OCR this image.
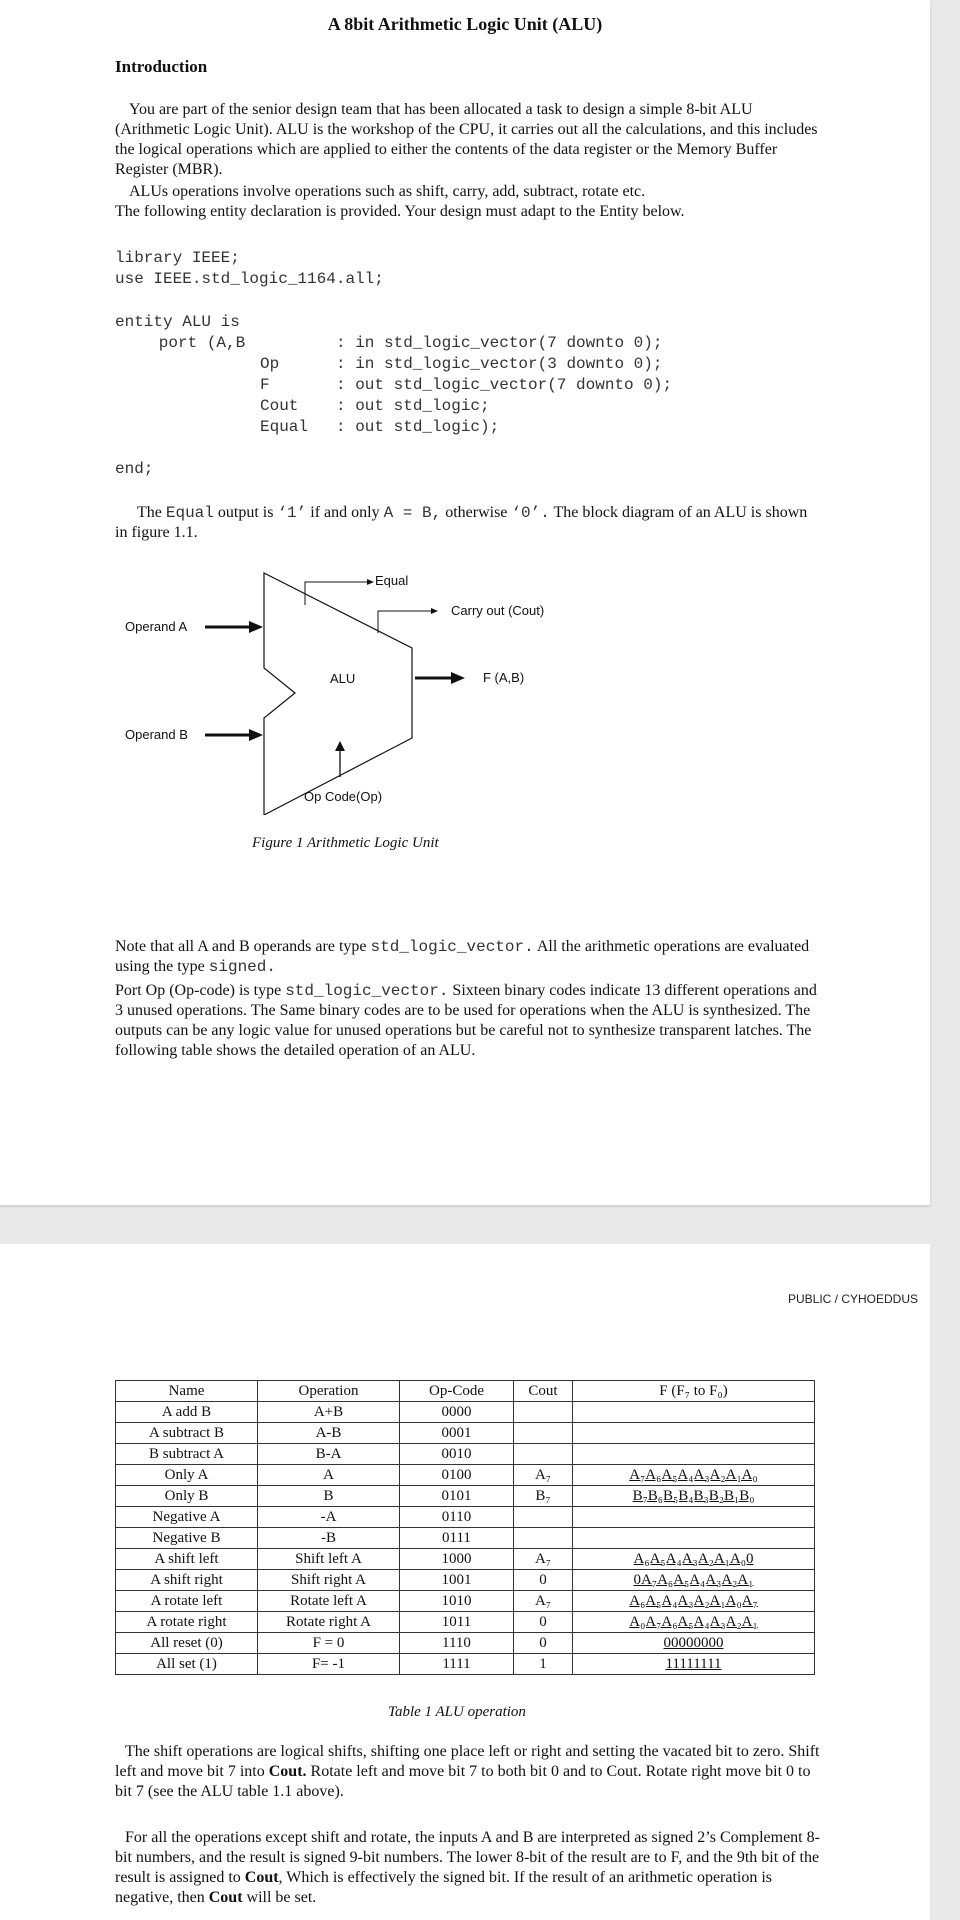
A 8bit Arithmetic Logic Unit (ALU)
Introduction
You are part of the senior design team that has been allocated a task to design a simple 8-bit ALU (Arithmetic Logic Unit). ALU is the workshop of the CPU, it carries out all the calculations, and this includes the logical operations which are applied to either the contents of the data register or the Memory Buffer Register (MBR).
ALUs operations involve operations such as shift, carry, add, subtract, rotate etc.
The following entity declaration is provided. Your design must adapt to the Entity below.
library IEEE;
use IEEE.std_logic_1164.all;
entity ALU is
port (A,B	: in std_logic_vector(7 downto 0);
Op	: in std_logic_vector(3 downto 0);
F	: out std_logic_vector(7 downto 0);
Cout : out std_logic;
Equal : out std_logic);
end;
The Equal output is ‘1’ if and only A = B, otherwise ‘0’. The block diagram of an ALU is shown in figure 1.1.
Equal
Carry out (Cout)
Operand A
Operand B
ALU	F (A,B)
Op Code(Op)
Figure 1 Arithmetic Logic Unit
Note that all A and B operands are type std_logic_vector. All the arithmetic operations are evaluated using the type signed.
Port Op (Op-code) is type std_logic_vector. Sixteen binary codes indicate 13 different operations and 3 unused operations. The Same binary codes are to be used for operations when the ALU is synthesized. The outputs can be any logic value for unused operations but be careful not to synthesize transparent latches. The following table shows the detailed operation of an ALU.
PUBLIC / CYHOEDDUS
Name	Operation	Op-Code	Cout	F (F₇ to F₀)
A add B	A+B	0000		
A subtract B	A-B	0001		
B subtract A	B-A	0010		
Only A	A	0100	A₇	A₇A₆A₅A₄A₃A₂A₁A₀
Only B	B	0101	B₇	B₇B₆B₅B₄B₃B₂B₁B₀
Negative A	-A	0110		
Negative B	-B	0111		
A shift left	Shift left A	1000	A₇	A₆A₅A₄A₃A₂A₁A₀0
A shift right	Shift right A	1001	0	0A₇A₆A₅A₄A₃A₂A₁
A rotate left	Rotate left A	1010	A₇	A₆A₅A₄A₃A₂A₁A₀A₇
A rotate right	Rotate right A	1011	0	A₀A₇A₆A₅A₄A₃A₂A₁
All reset (0)	F = 0	1110	0	00000000
All set (1)	F= -1	1111	1	11111111
Table 1 ALU operation
The shift operations are logical shifts, shifting one place left or right and setting the vacated bit to zero. Shift left and move bit 7 into Cout. Rotate left and move bit 7 to both bit 0 and to Cout. Rotate right move bit 0 to bit 7 (see the ALU table 1.1 above).
For all the operations except shift and rotate, the inputs A and B are interpreted as signed 2’s Complement 8-bit numbers, and the result is signed 9-bit numbers. The lower 8-bit of the result are to F, and the 9th bit of the result is assigned to Cout, Which is effectively the signed bit. If the result of an arithmetic operation is negative, then Cout will be set.
